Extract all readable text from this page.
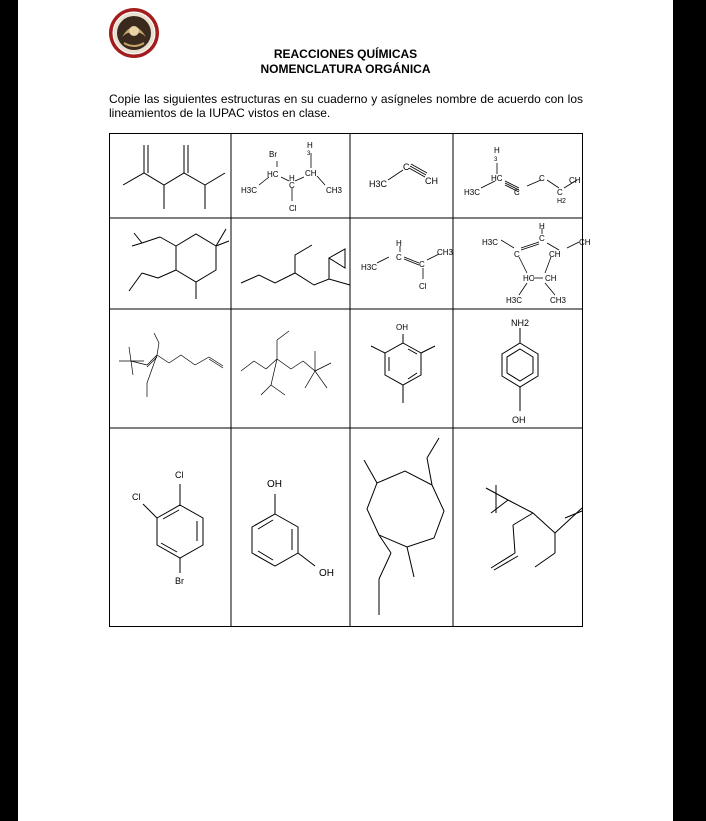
REACCIONES QUÍMICAS
NOMENCLATURA ORGÁNICA
Copie las siguientes estructuras en su cuaderno y asígneles nombre de acuerdo con los lineamientos de la IUPAC vistos en clase.
Br
H
3
HC H
C
CH
H3C	CH3
Cl
H3C
C
CH
H
3
HC
H3C	C
C
C
H2
CH
H
C
H3C	C
CH3
Cl
H3C
H
C	CH
C	CH
HC CH
H3C	CH3
OH	NH2
OH
Cl
Cl
Br
OH
OH
